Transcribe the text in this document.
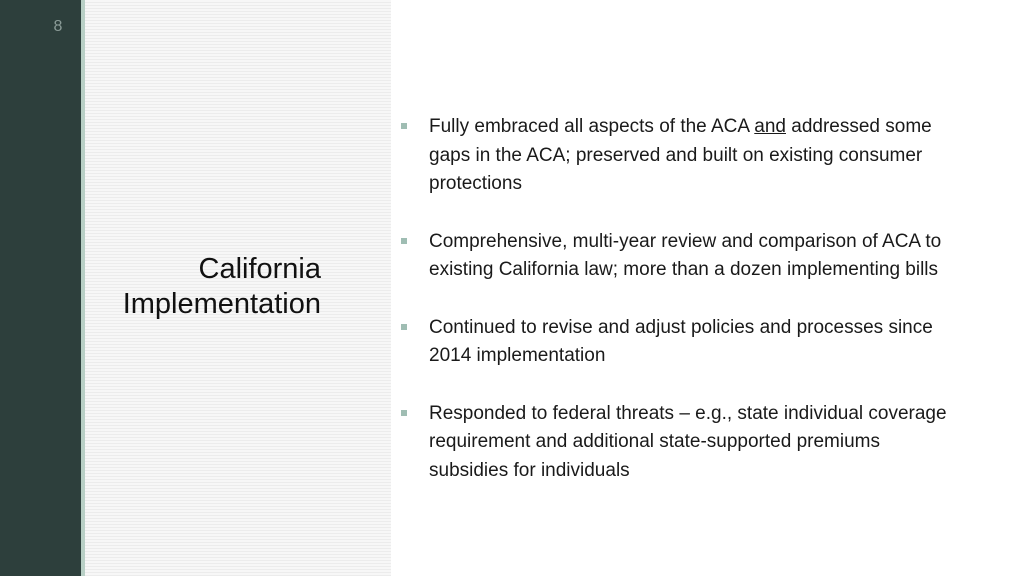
8
California
Implementation
Fully embraced all aspects of the ACA and addressed some gaps in the ACA; preserved and built on existing consumer protections
Comprehensive, multi-year review and comparison of ACA to existing California law; more than a dozen implementing bills
Continued to revise and adjust policies and processes since 2014 implementation
Responded to federal threats – e.g., state individual coverage requirement and additional state-supported premiums subsidies for individuals
